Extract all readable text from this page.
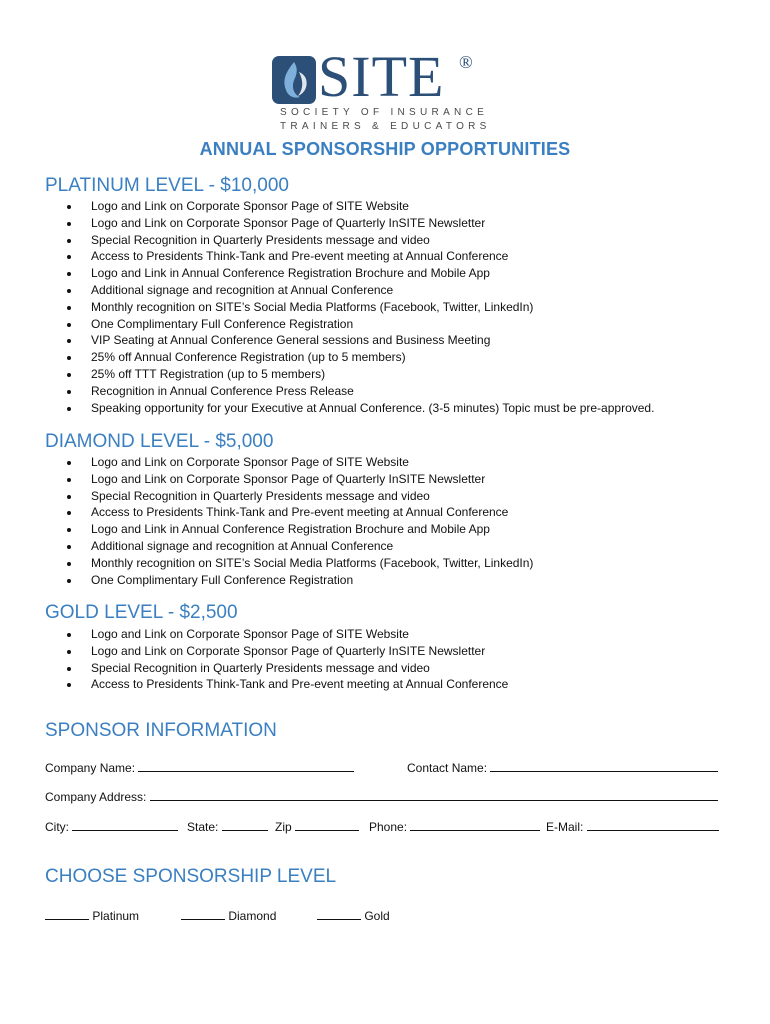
SITE ®
SOCIETY OF INSURANCE
TRAINERS & EDUCATORS
ANNUAL SPONSORSHIP OPPORTUNITIES
PLATINUM LEVEL - $10,000
Logo and Link on Corporate Sponsor Page of SITE Website
Logo and Link on Corporate Sponsor Page of Quarterly InSITE Newsletter
Special Recognition in Quarterly Presidents message and video
Access to Presidents Think-Tank and Pre-event meeting at Annual Conference
Logo and Link in Annual Conference Registration Brochure and Mobile App
Additional signage and recognition at Annual Conference
Monthly recognition on SITE’s Social Media Platforms (Facebook, Twitter, LinkedIn)
One Complimentary Full Conference Registration
VIP Seating at Annual Conference General sessions and Business Meeting
25% off Annual Conference Registration (up to 5 members)
25% off TTT Registration (up to 5 members)
Recognition in Annual Conference Press Release
Speaking opportunity for your Executive at Annual Conference. (3-5 minutes) Topic must be pre-approved.
DIAMOND LEVEL - $5,000
Logo and Link on Corporate Sponsor Page of SITE Website
Logo and Link on Corporate Sponsor Page of Quarterly InSITE Newsletter
Special Recognition in Quarterly Presidents message and video
Access to Presidents Think-Tank and Pre-event meeting at Annual Conference
Logo and Link in Annual Conference Registration Brochure and Mobile App
Additional signage and recognition at Annual Conference
Monthly recognition on SITE’s Social Media Platforms (Facebook, Twitter, LinkedIn)
One Complimentary Full Conference Registration
GOLD LEVEL - $2,500
Logo and Link on Corporate Sponsor Page of SITE Website
Logo and Link on Corporate Sponsor Page of Quarterly InSITE Newsletter
Special Recognition in Quarterly Presidents message and video
Access to Presidents Think-Tank and Pre-event meeting at Annual Conference
SPONSOR INFORMATION
Company Name:	Contact Name:
Company Address:
City:	State:	Zip	Phone:	E-Mail:
CHOOSE SPONSORSHIP LEVEL
Platinum	Diamond	Gold
